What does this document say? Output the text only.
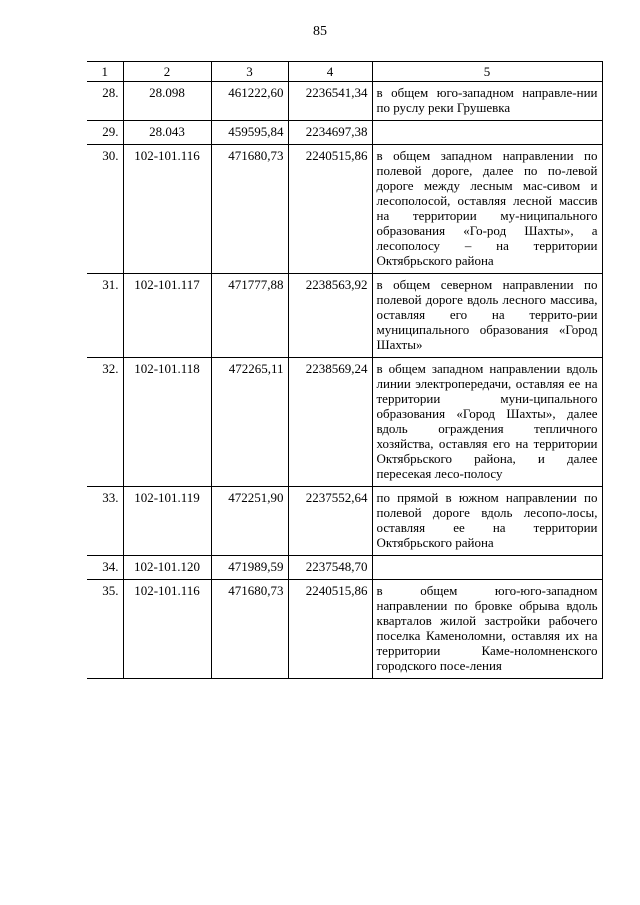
85
1	2	3	4	5
28.	28.098	461222,60	2236541,34	в общем юго-западном направле-нии по руслу реки Грушевка
29.	28.043	459595,84	2234697,38	
30.	102-101.116	471680,73	2240515,86	в общем западном направлении по полевой дороге, далее по по-левой дороге между лесным мас-сивом и лесополосой, оставляя лесной массив на территории му-ниципального образования «Го-род Шахты», а лесополосу – на территории Октябрьского района
31.	102-101.117	471777,88	2238563,92	в общем северном направлении по полевой дороге вдоль лесного массива, оставляя его на террито-рии муниципального образования «Город Шахты»
32.	102-101.118	472265,11	2238569,24	в общем западном направлении вдоль линии электропередачи, оставляя ее на территории муни-ципального образования «Город Шахты», далее вдоль ограждения тепличного хозяйства, оставляя его на территории Октябрьского района, и далее пересекая лесо-полосу
33.	102-101.119	472251,90	2237552,64	по прямой в южном направлении по полевой дороге вдоль лесопо-лосы, оставляя ее на территории Октябрьского района
34.	102-101.120	471989,59	2237548,70	
35.	102-101.116	471680,73	2240515,86	в общем юго-юго-западном направлении по бровке обрыва вдоль кварталов жилой застройки рабочего поселка Каменоломни, оставляя их на территории Каме-ноломненского городского посе-ления
